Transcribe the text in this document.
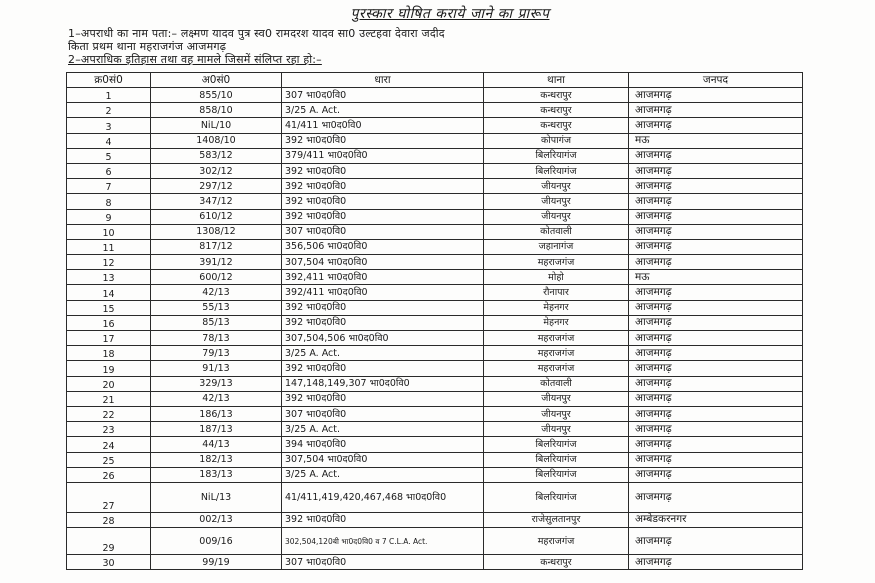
पुरस्कार घोषित कराये जाने का प्रारूप
1–अपराधी का नाम पता:– लक्ष्मण यादव पुत्र स्व0 रामदरश यादव सा0 उल्टहवा देवारा जदीद
किता प्रथम थाना महराजगंज आजमगढ़
2–अपराधिक इतिहास तथा वह मामले जिसमें संलिप्त रहा हो:–
क्र0सं0	अ0सं0	धारा	थाना	जनपद
1	855/10	307 भा0द0वि0	कन्धरापुर	आजमगढ़
2	858/10	3/25 A. Act.	कन्धरापुर	आजमगढ़
3	NiL/10	41/411 भा0द0वि0	कन्धरापुर	आजमगढ़
4	1408/10	392 भा0द0वि0	कोपागंज	मऊ
5	583/12	379/411 भा0द0वि0	बिलरियागंज	आजमगढ़
6	302/12	392 भा0द0वि0	बिलरियागंज	आजमगढ़
7	297/12	392 भा0द0वि0	जीयनपुर	आजमगढ़
8	347/12	392 भा0द0वि0	जीयनपुर	आजमगढ़
9	610/12	392 भा0द0वि0	जीयनपुर	आजमगढ़
10	1308/12	307 भा0द0वि0	कोतवाली	आजमगढ़
11	817/12	356,506 भा0द0वि0	जहानागंज	आजमगढ़
12	391/12	307,504 भा0द0वि0	महराजगंज	आजमगढ़
13	600/12	392,411 भा0द0वि0	मोहो	मऊ
14	42/13	392/411 भा0द0वि0	रौनापार	आजमगढ़
15	55/13	392 भा0द0वि0	मेहनगर	आजमगढ़
16	85/13	392 भा0द0वि0	मेहनगर	आजमगढ़
17	78/13	307,504,506 भा0द0वि0	महराजगंज	आजमगढ़
18	79/13	3/25 A. Act.	महराजगंज	आजमगढ़
19	91/13	392 भा0द0वि0	महराजगंज	आजमगढ़
20	329/13	147,148,149,307 भा0द0वि0	कोतवाली	आजमगढ़
21	42/13	392 भा0द0वि0	जीयनपुर	आजमगढ़
22	186/13	307 भा0द0वि0	जीयनपुर	आजमगढ़
23	187/13	3/25 A. Act.	जीयनपुर	आजमगढ़
24	44/13	394 भा0द0वि0	बिलरियागंज	आजमगढ़
25	182/13	307,504 भा0द0वि0	बिलरियागंज	आजमगढ़
26	183/13	3/25 A. Act.	बिलरियागंज	आजमगढ़
27	NiL/13	41/411,419,420,467,468 भा0द0वि0	बिलरियागंज	आजमगढ़
28	002/13	392 भा0द0वि0	राजेसुलतानपुर	अम्बेडकरनगर
29	009/16	302,504,120बी भा0द0वि0 व 7 C.L.A. Act.	महराजगंज	आजमगढ़
30	99/19	307 भा0द0वि0	कन्धरापुर	आजमगढ़
